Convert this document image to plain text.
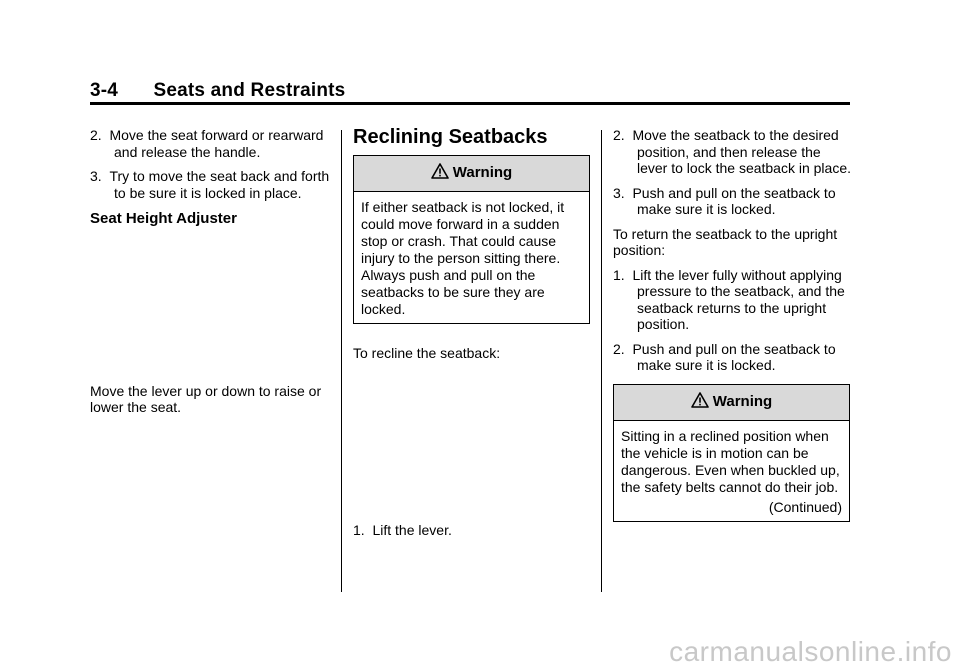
3-4 Seats and Restraints
2. Move the seat forward or rearward and release the handle.
3. Try to move the seat back and forth to be sure it is locked in place.
Seat Height Adjuster
Move the lever up or down to raise or lower the seat.
Reclining Seatbacks
Warning
If either seatback is not locked, it could move forward in a sudden stop or crash. That could cause injury to the person sitting there. Always push and pull on the seatbacks to be sure they are locked.
To recline the seatback:
1. Lift the lever.
2. Move the seatback to the desired position, and then release the lever to lock the seatback in place.
3. Push and pull on the seatback to make sure it is locked.
To return the seatback to the upright position:
1. Lift the lever fully without applying pressure to the seatback, and the seatback returns to the upright position.
2. Push and pull on the seatback to make sure it is locked.
Warning
Sitting in a reclined position when the vehicle is in motion can be dangerous. Even when buckled up, the safety belts cannot do their job.
(Continued)
carmanualsonline.info
